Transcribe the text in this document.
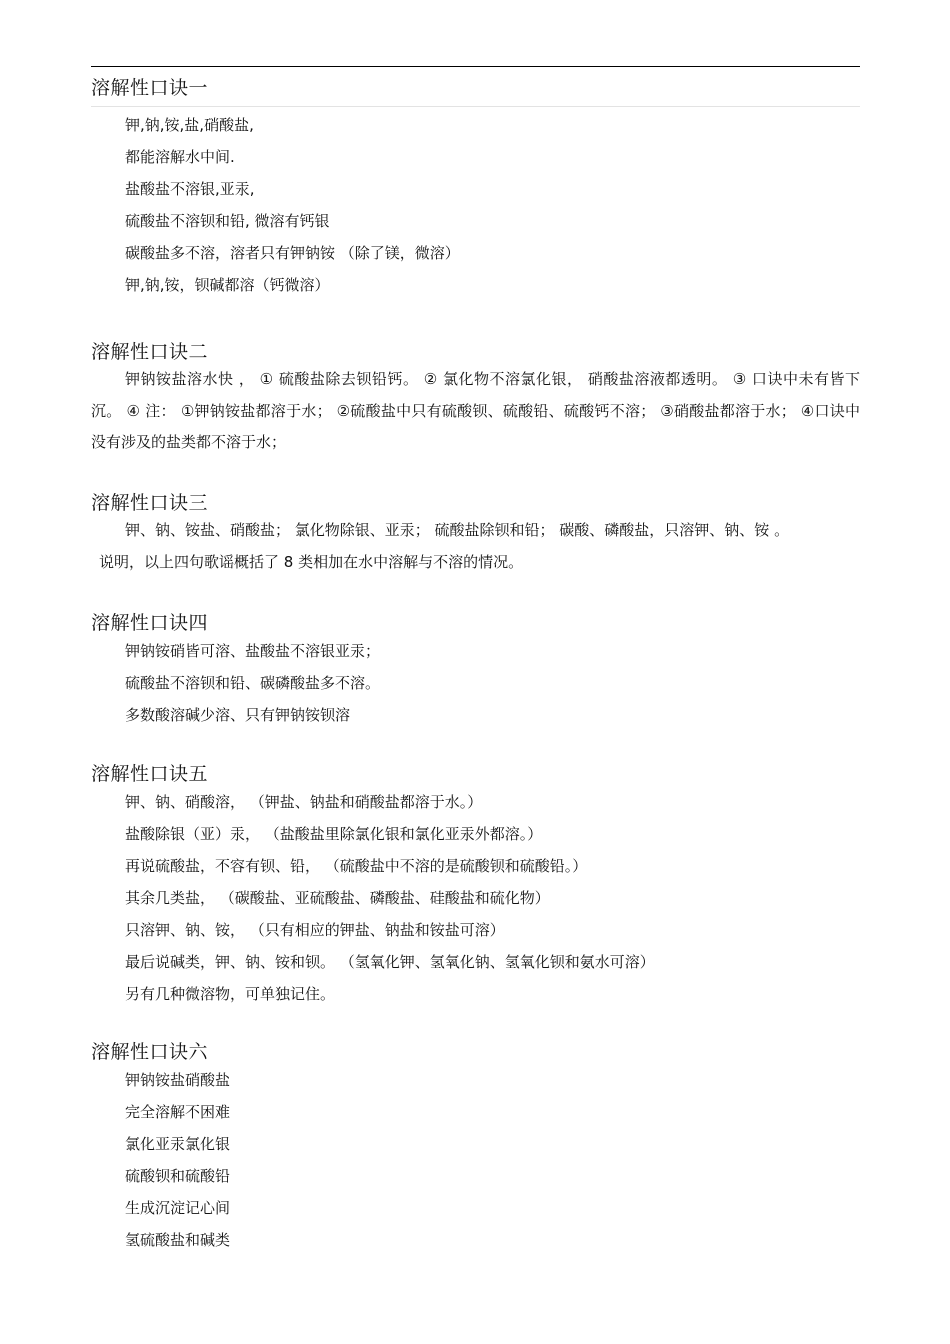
溶解性口诀一
钾,钠,铵,盐,硝酸盐,
都能溶解水中间.
盐酸盐不溶银,亚汞,
硫酸盐不溶钡和铅, 微溶有钙银
碳酸盐多不溶，溶者只有钾钠铵 （除了镁，微溶）
钾,钠,铵，钡碱都溶（钙微溶）
溶解性口诀二

钾钠铵盐溶水快 ， ① 硫酸盐除去钡铅钙。 ② 氯化物不溶氯化银， 硝酸盐溶液都透明。 ③ 口诀中未有皆下沉。 ④ 注： ①钾钠铵盐都溶于水； ②硫酸盐中只有硫酸钡、硫酸铅、硫酸钙不溶； ③硝酸盐都溶于水； ④口诀中没有涉及的盐类都不溶于水；

溶解性口诀三

钾、钠、铵盐、硝酸盐； 氯化物除银、亚汞； 硫酸盐除钡和铅； 碳酸、磷酸盐，只溶钾、钠、铵 。

说明，以上四句歌谣概括了 8 类相加在水中溶解与不溶的情况。

溶解性口诀四
钾钠铵硝皆可溶、盐酸盐不溶银亚汞；
硫酸盐不溶钡和铅、碳磷酸盐多不溶。
多数酸溶碱少溶、只有钾钠铵钡溶
溶解性口诀五
钾、钠、硝酸溶， （钾盐、钠盐和硝酸盐都溶于水。）
盐酸除银（亚）汞， （盐酸盐里除氯化银和氯化亚汞外都溶。）
再说硫酸盐，不容有钡、铅， （硫酸盐中不溶的是硫酸钡和硫酸铅。）
其余几类盐， （碳酸盐、亚硫酸盐、磷酸盐、硅酸盐和硫化物）
只溶钾、钠、铵， （只有相应的钾盐、钠盐和铵盐可溶）
最后说碱类，钾、钠、铵和钡。 （氢氧化钾、氢氧化钠、氢氧化钡和氨水可溶）
另有几种微溶物，可单独记住。
溶解性口诀六
钾钠铵盐硝酸盐
完全溶解不困难
氯化亚汞氯化银
硫酸钡和硫酸铅
生成沉淀记心间
氢硫酸盐和碱类
